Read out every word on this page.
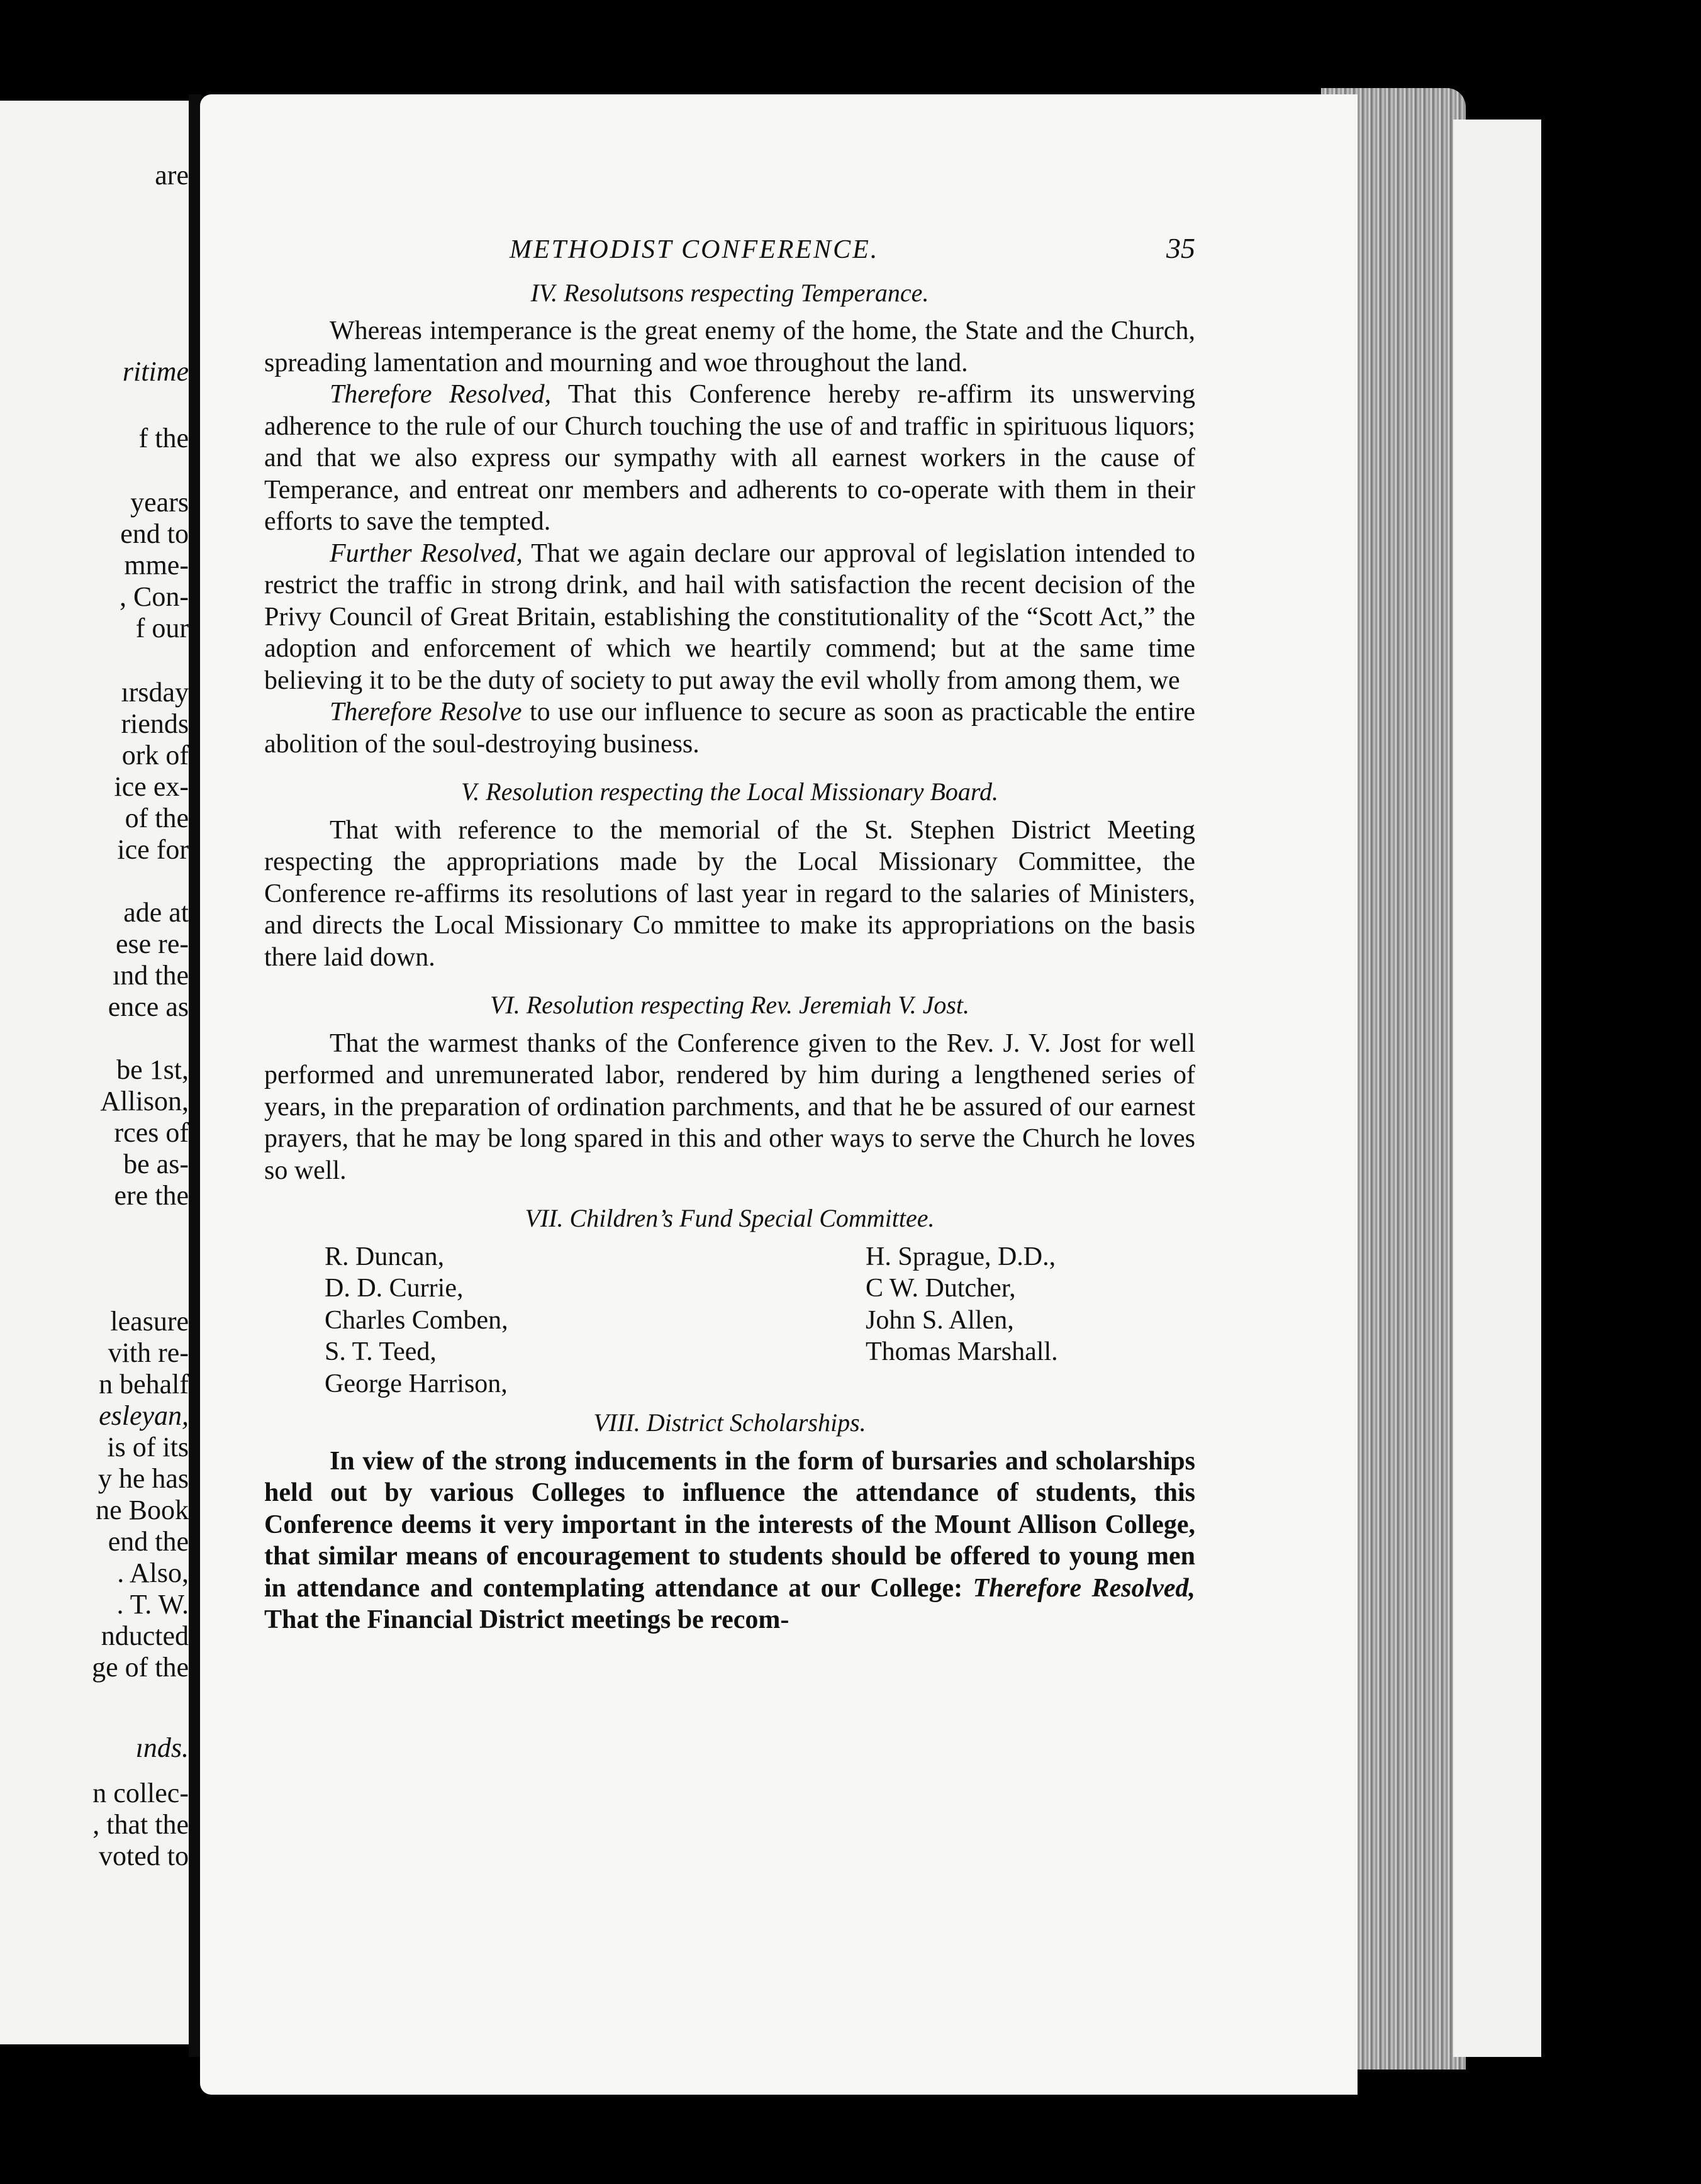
are
ritime
f the
years
end to
mme-
, Con-
f our
ırsday
riends
ork of
ice ex-
of the
ice for
ade at
ese re-
ınd the
ence as
be 1st,
Allison,
rces of
be as-
ere the
leasure
vith re-
n behalf
esleyan,
is of its
y he has
ne Book
end the
. Also,
. T. W.
nducted
ge of the
ınds.
n collec-
, that the
voted to
METHODIST CONFERENCE.	35
IV. Resolutsons respecting Temperance.

Whereas intemperance is the great enemy of the home, the State and the Church, spreading lamentation and mourning and woe throughout the land.

Therefore Resolved, That this Conference hereby re-affirm its unswerving adherence to the rule of our Church touching the use of and traffic in spirituous liquors; and that we also express our sympathy with all earnest workers in the cause of Temperance, and entreat onr members and adherents to co-operate with them in their efforts to save the tempted.

Further Resolved, That we again declare our approval of legislation intended to restrict the traffic in strong drink, and hail with satisfaction the recent decision of the Privy Council of Great Britain, establishing the constitutionality of the “Scott Act,” the adoption and enforcement of which we heartily commend; but at the same time believing it to be the duty of society to put away the evil wholly from among them, we

Therefore Resolve to use our influence to secure as soon as practicable the entire abolition of the soul-destroying business.

V. Resolution respecting the Local Missionary Board.

That with reference to the memorial of the St. Stephen District Meeting respecting the appropriations made by the Local Missionary Committee, the Conference re-affirms its resolutions of last year in regard to the salaries of Ministers, and directs the Local Missionary Co mmittee to make its appropriations on the basis there laid down.

VI. Resolution respecting Rev. Jeremiah V. Jost.

That the warmest thanks of the Conference given to the Rev. J. V. Jost for well performed and unremunerated labor, rendered by him during a lengthened series of years, in the preparation of ordination parchments, and that he be assured of our earnest prayers, that he may be long spared in this and other ways to serve the Church he loves so well.

VII. Children’s Fund Special Committee.
R. Duncan,
D. D. Currie,
Charles Comben,
S. T. Teed,
George Harrison,
H. Sprague, D.D.,
C W. Dutcher,
John S. Allen,
Thomas Marshall.
VIII. District Scholarships.

In view of the strong inducements in the form of bursaries and scholarships held out by various Colleges to influence the attendance of students, this Conference deems it very important in the interests of the Mount Allison College, that similar means of encouragement to students should be offered to young men in attendance and contemplating attendance at our College: Therefore Resolved, That the Financial District meetings be recom-
